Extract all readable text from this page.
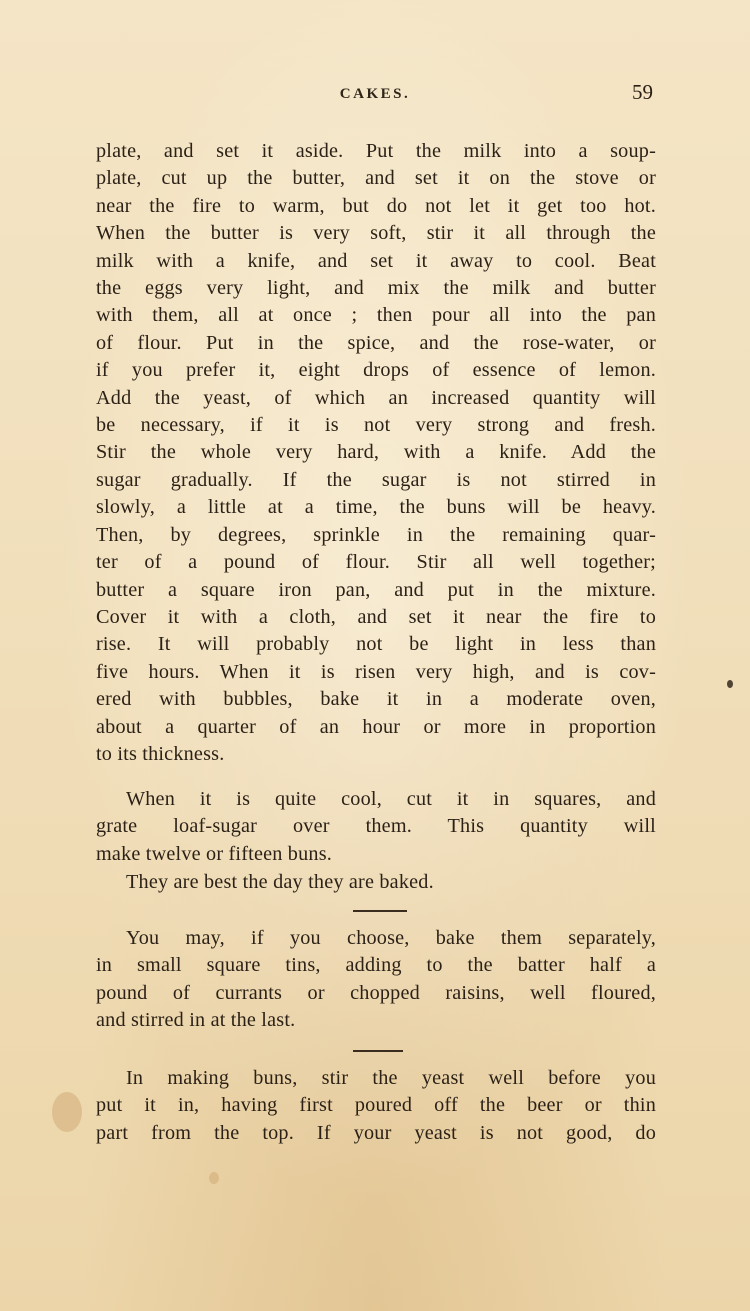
CAKES.	59
plate, and set it aside. Put the milk into a soup-
plate, cut up the butter, and set it on the stove or
near the fire to warm, but do not let it get too hot.
When the butter is very soft, stir it all through the
milk with a knife, and set it away to cool. Beat
the eggs very light, and mix the milk and butter
with them, all at once ; then pour all into the pan
of flour. Put in the spice, and the rose-water, or
if you prefer it, eight drops of essence of lemon.
Add the yeast, of which an increased quantity will
be necessary, if it is not very strong and fresh.
Stir the whole very hard, with a knife. Add the
sugar gradually. If the sugar is not stirred in
slowly, a little at a time, the buns will be heavy.
Then, by degrees, sprinkle in the remaining quar-
ter of a pound of flour. Stir all well together;
butter a square iron pan, and put in the mixture.
Cover it with a cloth, and set it near the fire to
rise. It will probably not be light in less than
five hours. When it is risen very high, and is cov-
ered with bubbles, bake it in a moderate oven,
about a quarter of an hour or more in proportion
to its thickness.
When it is quite cool, cut it in squares, and
grate loaf-sugar over them. This quantity will
make twelve or fifteen buns.
They are best the day they are baked.
You may, if you choose, bake them separately,
in small square tins, adding to the batter half a
pound of currants or chopped raisins, well floured,
and stirred in at the last.
In making buns, stir the yeast well before you
put it in, having first poured off the beer or thin
part from the top. If your yeast is not good, do
